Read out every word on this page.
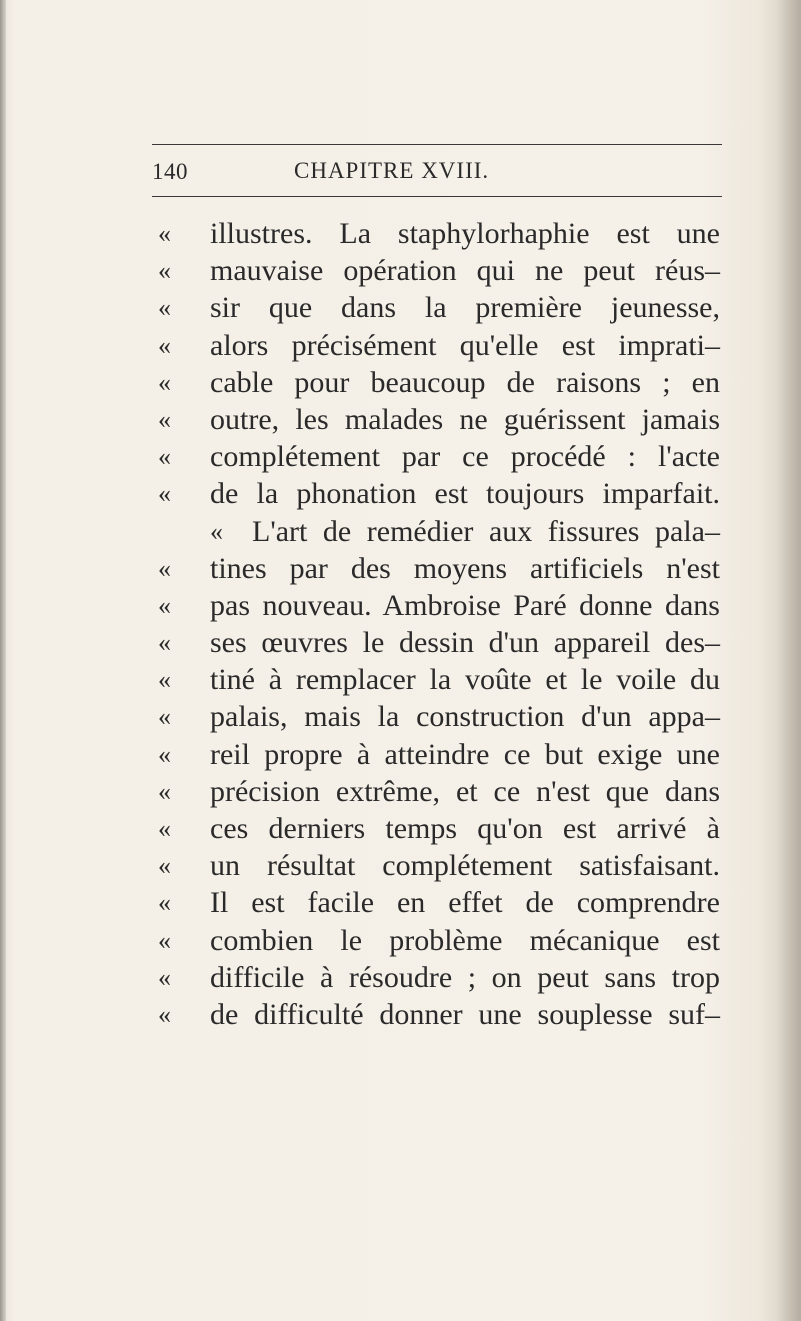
140	CHAPITRE XVIII.
«	illustres. La staphylorhaphie est une
«	mauvaise opération qui ne peut réus–
«	sir que dans la première jeunesse,
«	alors précisément qu'elle est imprati–
«	cable pour beaucoup de raisons ; en
«	outre, les malades ne guérissent jamais
«	complétement par ce procédé : l'acte
«	de la phonation est toujours imparfait.
« L'art de remédier aux fissures pala–
«	tines par des moyens artificiels n'est
«	pas nouveau. Ambroise Paré donne dans
«	ses œuvres le dessin d'un appareil des–
«	tiné à remplacer la voûte et le voile du
«	palais, mais la construction d'un appa–
«	reil propre à atteindre ce but exige une
«	précision extrême, et ce n'est que dans
«	ces derniers temps qu'on est arrivé à
«	un résultat complétement satisfaisant.
«	Il est facile en effet de comprendre
«	combien le problème mécanique est
«	difficile à résoudre ; on peut sans trop
«	de difficulté donner une souplesse suf–
